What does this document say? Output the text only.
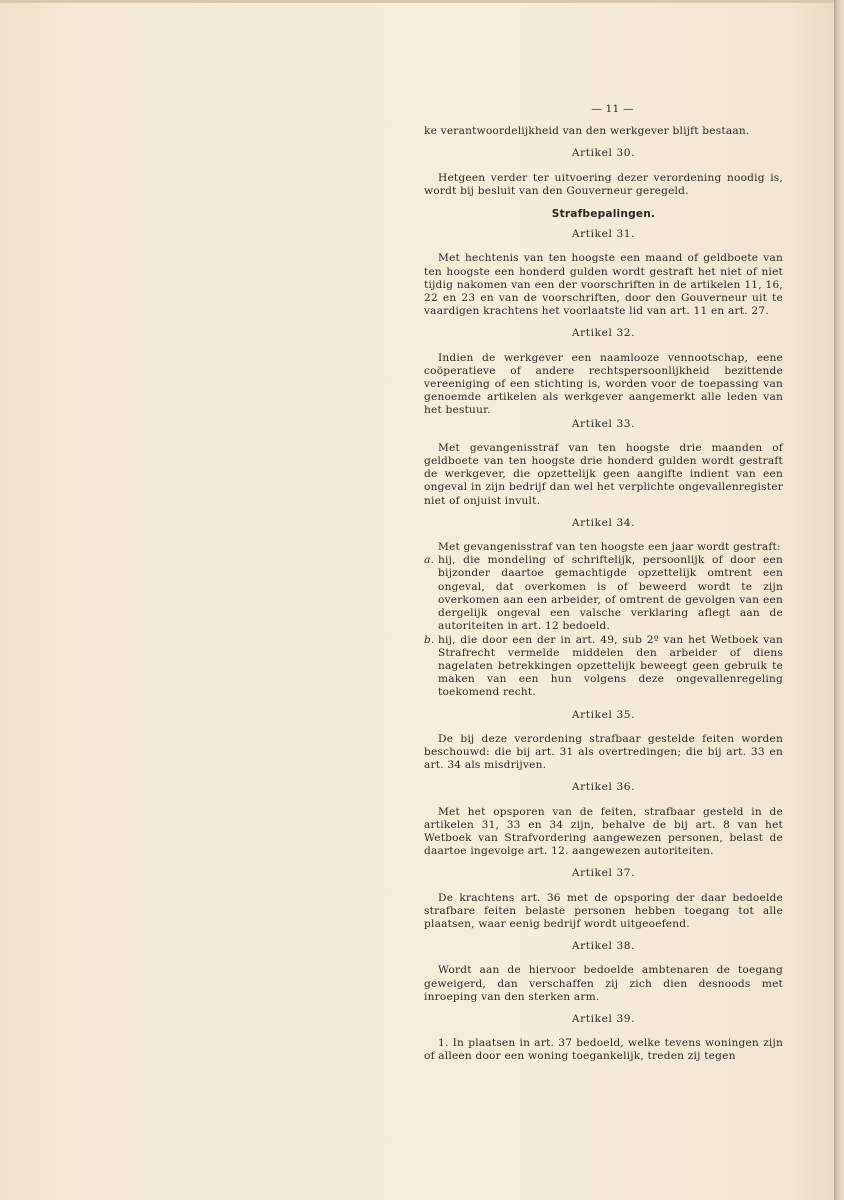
— 11 —

ke verantwoordelijkheid van den werkgever blijft bestaan.

Artikel 30.

Hetgeen verder ter uitvoering dezer verordening noodig is, wordt bij besluit van den Gouverneur geregeld.

Strafbepalingen.
Artikel 31.

Met hechtenis van ten hoogste een maand of geldboete van ten hoogste een honderd gulden wordt gestraft het niet of niet tijdig nakomen van een der voorschriften in de artikelen 11, 16, 22 en 23 en van de voorschriften, door den Gouverneur uit te vaardigen krachtens het voorlaatste lid van art. 11 en art. 27.

Artikel 32.

Indien de werkgever een naamlooze vennootschap, eene coöperatieve of andere rechtspersoonlijkheid bezittende vereeniging of een stichting is, worden voor de toepassing van genoemde artikelen als werkgever aangemerkt alle leden van het bestuur.

Artikel 33.

Met gevangenisstraf van ten hoogste drie maanden of geldboete van ten hoogste drie honderd gulden wordt gestraft de werkgever, die opzettelijk geen aangifte indient van een ongeval in zijn bedrijf dan wel het verplichte ongevallenregister niet of onjuist invult.

Artikel 34.

Met gevangenisstraf van ten hoogste een jaar wordt gestraft:

a. hij, die mondeling of schriftelijk, persoonlijk of door een bijzonder daartoe gemachtigde opzettelijk omtrent een ongeval, dat overkomen is of beweerd wordt te zijn overkomen aan een arbeider, of omtrent de gevolgen van een dergelijk ongeval een valsche verklaring aflegt aan de autoriteiten in art. 12 bedoeld.
b. hij, die door een der in art. 49, sub 2º van het Wetboek van Strafrecht vermelde middelen den arbeider of diens nagelaten betrekkingen opzettelijk beweegt geen gebruik te maken van een hun volgens deze ongevallenregeling toekomend recht.
Artikel 35.

De bij deze verordening strafbaar gestelde feiten worden beschouwd: die bij art. 31 als overtredingen; die bij art. 33 en art. 34 als misdrijven.

Artikel 36.

Met het opsporen van de feiten, strafbaar gesteld in de artikelen 31, 33 en 34 zijn, behalve de bij art. 8 van het Wetboek van Strafvordering aangewezen personen, belast de daartoe ingevolge art. 12. aangewezen autoriteiten.

Artikel 37.

De krachtens art. 36 met de opsporing der daar bedoelde strafbare feiten belaste personen hebben toegang tot alle plaatsen, waar eenig bedrijf wordt uitgeoefend.

Artikel 38.

Wordt aan de hiervoor bedoelde ambtenaren de toegang geweigerd, dan verschaffen zij zich dien desnoods met inroeping van den sterken arm.

Artikel 39.

1. In plaatsen in art. 37 bedoeld, welke tevens woningen zijn of alleen door een woning toegankelijk, treden zij tegen
